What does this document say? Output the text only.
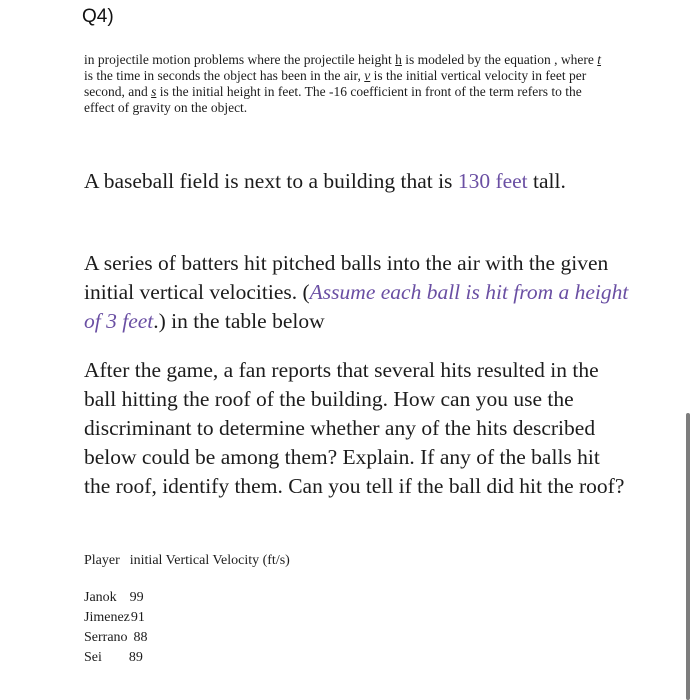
Q4)

in projectile motion problems where the projectile height h is modeled by the equation , where t is the time in seconds the object has been in the air, v is the initial vertical velocity in feet per second, and s is the initial height in feet. The -16 coefficient in front of the term refers to the effect of gravity on the object.

A baseball field is next to a building that is 130 feet tall.

A series of batters hit pitched balls into the air with the given initial vertical velocities. (Assume each ball is hit from a height of 3 feet.) in the table below

After the game, a fan reports that several hits resulted in the ball hitting the roof of the building. How can you use the discriminant to determine whether any of the hits described below could be among them? Explain. If any of the balls hit the roof, identify them. Can you tell if the ball did hit the roof?

Player initial Vertical Velocity (ft/s)
Janok 99
Jimenez 91
Serrano 88
Sei 89
